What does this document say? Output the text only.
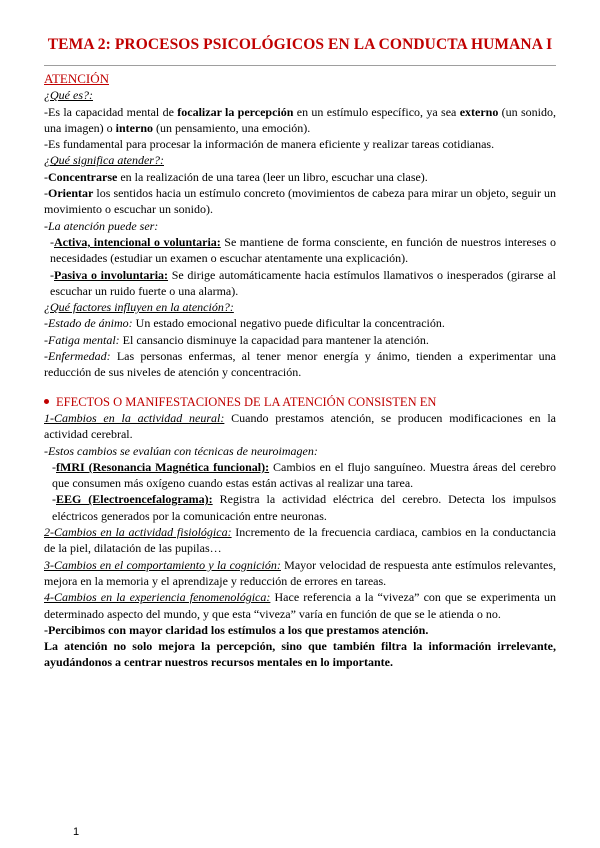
TEMA 2: PROCESOS PSICOLÓGICOS EN LA CONDUCTA HUMANA I

ATENCIÓN

¿Qué es?:

-Es la capacidad mental de focalizar la percepción en un estímulo específico, ya sea externo (un sonido, una imagen) o interno (un pensamiento, una emoción).

-Es fundamental para procesar la información de manera eficiente y realizar tareas cotidianas.

¿Qué significa atender?:

-Concentrarse en la realización de una tarea (leer un libro, escuchar una clase).

-Orientar los sentidos hacia un estímulo concreto (movimientos de cabeza para mirar un objeto, seguir un movimiento o escuchar un sonido).

-La atención puede ser:

-Activa, intencional o voluntaria: Se mantiene de forma consciente, en función de nuestros intereses o necesidades (estudiar un examen o escuchar atentamente una explicación).

-Pasiva o involuntaria: Se dirige automáticamente hacia estímulos llamativos o inesperados (girarse al escuchar un ruido fuerte o una alarma).

¿Qué factores influyen en la atención?:

-Estado de ánimo: Un estado emocional negativo puede dificultar la concentración.

-Fatiga mental: El cansancio disminuye la capacidad para mantener la atención.

-Enfermedad: Las personas enfermas, al tener menor energía y ánimo, tienden a experimentar una reducción de sus niveles de atención y concentración.

EFECTOS O MANIFESTACIONES DE LA ATENCIÓN CONSISTEN EN

1-Cambios en la actividad neural: Cuando prestamos atención, se producen modificaciones en la actividad cerebral.

-Estos cambios se evalúan con técnicas de neuroimagen:

-fMRI (Resonancia Magnética funcional): Cambios en el flujo sanguíneo. Muestra áreas del cerebro que consumen más oxígeno cuando estas están activas al realizar una tarea.

-EEG (Electroencefalograma): Registra la actividad eléctrica del cerebro. Detecta los impulsos eléctricos generados por la comunicación entre neuronas.

2-Cambios en la actividad fisiológica: Incremento de la frecuencia cardiaca, cambios en la conductancia de la piel, dilatación de las pupilas…

3-Cambios en el comportamiento y la cognición: Mayor velocidad de respuesta ante estímulos relevantes, mejora en la memoria y el aprendizaje y reducción de errores en tareas.

4-Cambios en la experiencia fenomenológica: Hace referencia a la “viveza” con que se experimenta un determinado aspecto del mundo, y que esta “viveza” varía en función de que se le atienda o no.

-Percibimos con mayor claridad los estímulos a los que prestamos atención.

La atención no solo mejora la percepción, sino que también filtra la información irrelevante, ayudándonos a centrar nuestros recursos mentales en lo importante.

1
